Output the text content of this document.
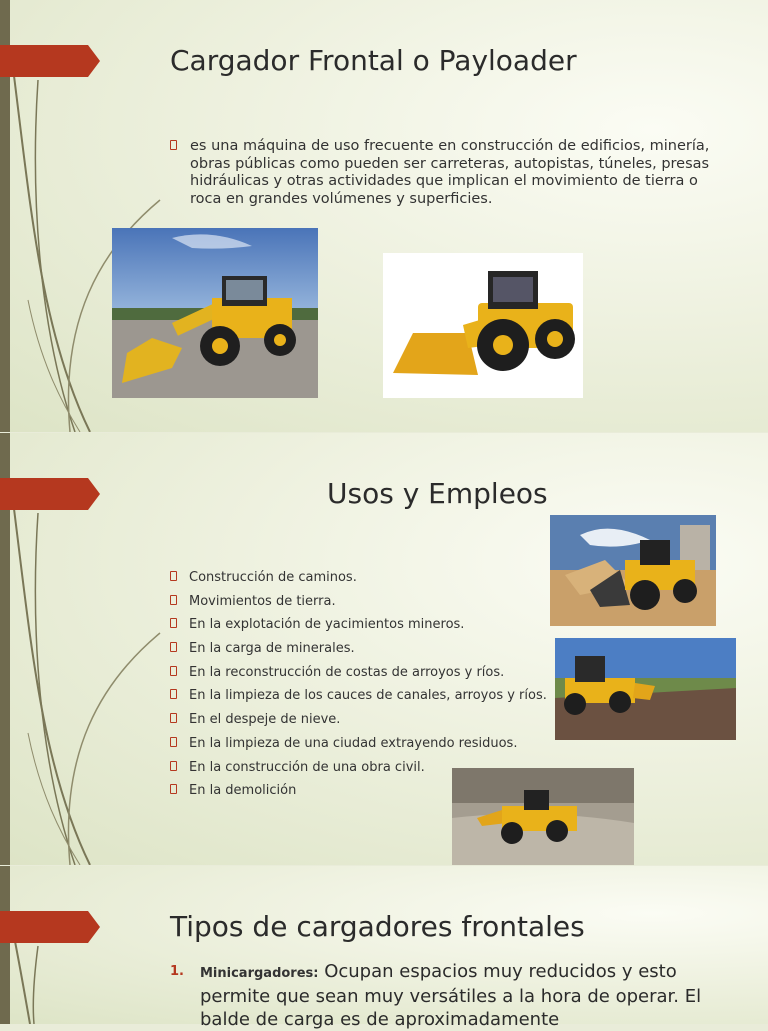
Cargador Frontal o Payloader

es una máquina de uso frecuente en construcción de edificios, minería, obras públicas como pueden ser carreteras, autopistas, túneles, presas hidráulicas y otras actividades que implican el movimiento de tierra o roca en grandes volúmenes y superficies.

Usos y Empleos
Construcción de caminos.
Movimientos de tierra.
En la explotación de yacimientos mineros.
En la carga de minerales.
En la reconstrucción de costas de arroyos y ríos.
En la limpieza de los cauces de canales, arroyos y ríos.
En el despeje de nieve.
En la limpieza de una ciudad extrayendo residuos.
En la construcción de una obra civil.
En la demolición
Tipos de cargadores frontales
1. Minicargadores: Ocupan espacios muy reducidos y esto permite que sean muy versátiles a la hora de operar. El balde de carga es de aproximadamente
